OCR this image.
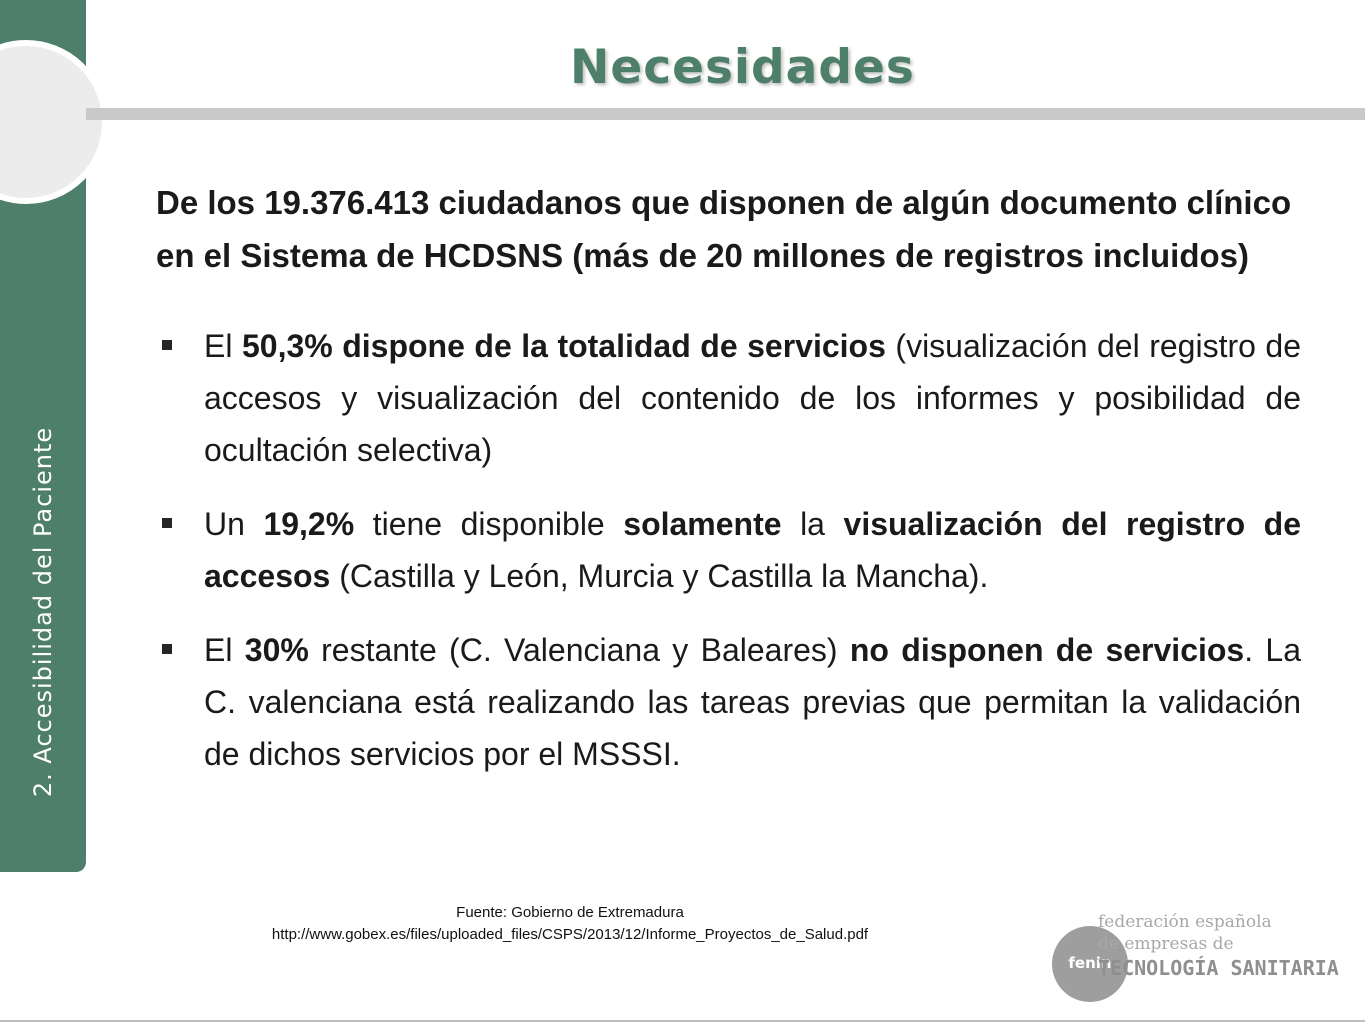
2. Accesibilidad del Paciente
Necesidades

De los 19.376.413 ciudadanos que disponen de algún documento clínico en el Sistema de HCDSNS (más de 20 millones de registros incluidos)

El 50,3% dispone de la totalidad de servicios (visualización del registro de accesos y visualización del contenido de los informes y posibilidad de ocultación selectiva)
Un 19,2% tiene disponible solamente la visualización del registro de accesos (Castilla y León, Murcia y Castilla la Mancha).
El 30% restante (C. Valenciana y Baleares) no disponen de servicios. La C. valenciana está realizando las tareas previas que permitan la validación de dichos servicios por el MSSSI.
Fuente: Gobierno de Extremadura
http://www.gobex.es/files/uploaded_files/CSPS/2013/12/Informe_Proyectos_de_Salud.pdf
fenin
federación española
de empresas de
TECNOLOGÍA SANITARIA
